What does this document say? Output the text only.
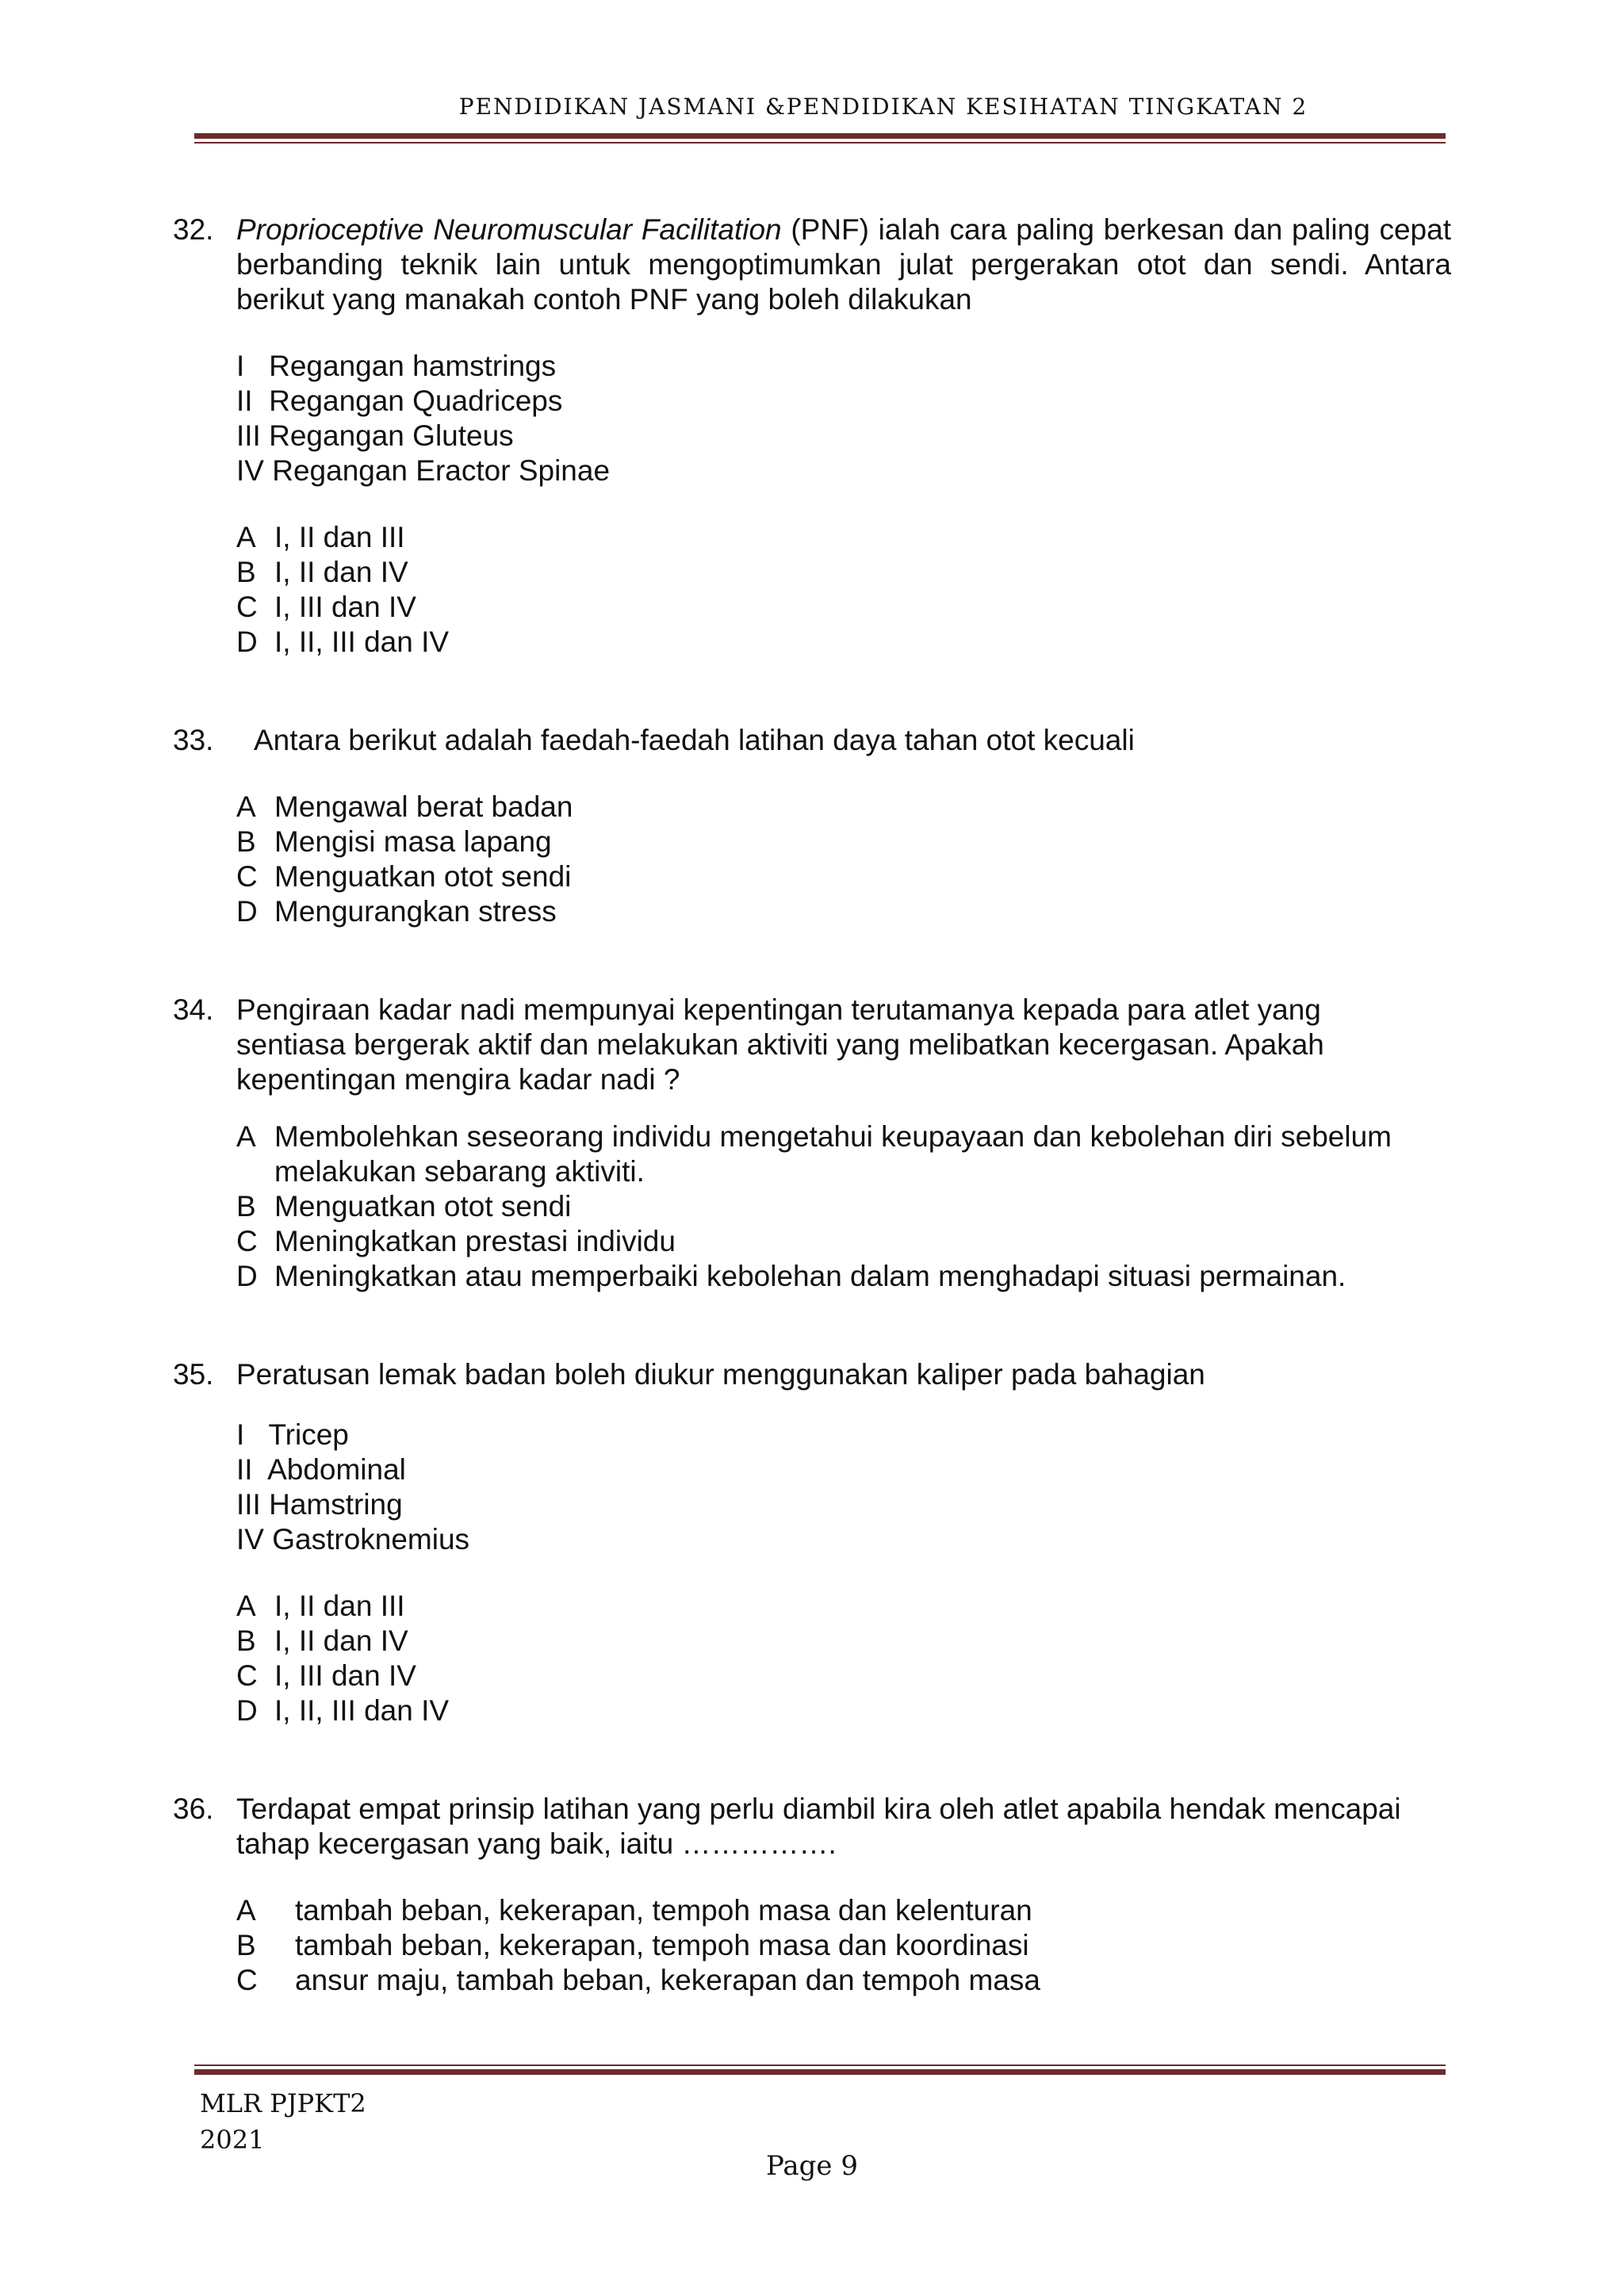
PENDIDIKAN JASMANI &PENDIDIKAN KESIHATAN TINGKATAN 2
32. Proprioceptive Neuromuscular Facilitation (PNF) ialah cara paling berkesan dan paling cepat berbanding teknik lain untuk mengoptimumkan julat pergerakan otot dan sendi. Antara berikut yang manakah contoh PNF yang boleh dilakukan
I   Regangan hamstrings
II  Regangan Quadriceps
III Regangan Gluteus
IV Regangan Eractor Spinae
A I, II dan III
B I, II dan IV
C I, III dan IV
D I, II, III dan IV
33.	Antara berikut adalah faedah-faedah latihan daya tahan otot kecuali
A Mengawal berat badan
B Mengisi masa lapang
C Menguatkan otot sendi
D Mengurangkan stress
34. Pengiraan kadar nadi mempunyai kepentingan terutamanya kepada para atlet yang sentiasa bergerak aktif dan melakukan aktiviti yang melibatkan kecergasan. Apakah kepentingan mengira kadar nadi ?
A Membolehkan seseorang individu mengetahui keupayaan dan kebolehan diri sebelum melakukan sebarang aktiviti.
B Menguatkan otot sendi
C Meningkatkan prestasi individu
D Meningkatkan atau memperbaiki kebolehan dalam menghadapi situasi permainan.
35. Peratusan lemak badan boleh diukur menggunakan kaliper pada bahagian
I   Tricep
II  Abdominal
III Hamstring
IV Gastroknemius
A I, II dan III
B I, II dan IV
C I, III dan IV
D I, II, III dan IV
36. Terdapat empat prinsip latihan yang perlu diambil kira oleh atlet apabila hendak mencapai tahap kecergasan yang baik, iaitu …………….
A tambah beban, kekerapan, tempoh masa dan kelenturan
B tambah beban, kekerapan, tempoh masa dan koordinasi
C ansur maju, tambah beban, kekerapan dan tempoh masa
MLR PJPKT2
2021
Page 9
